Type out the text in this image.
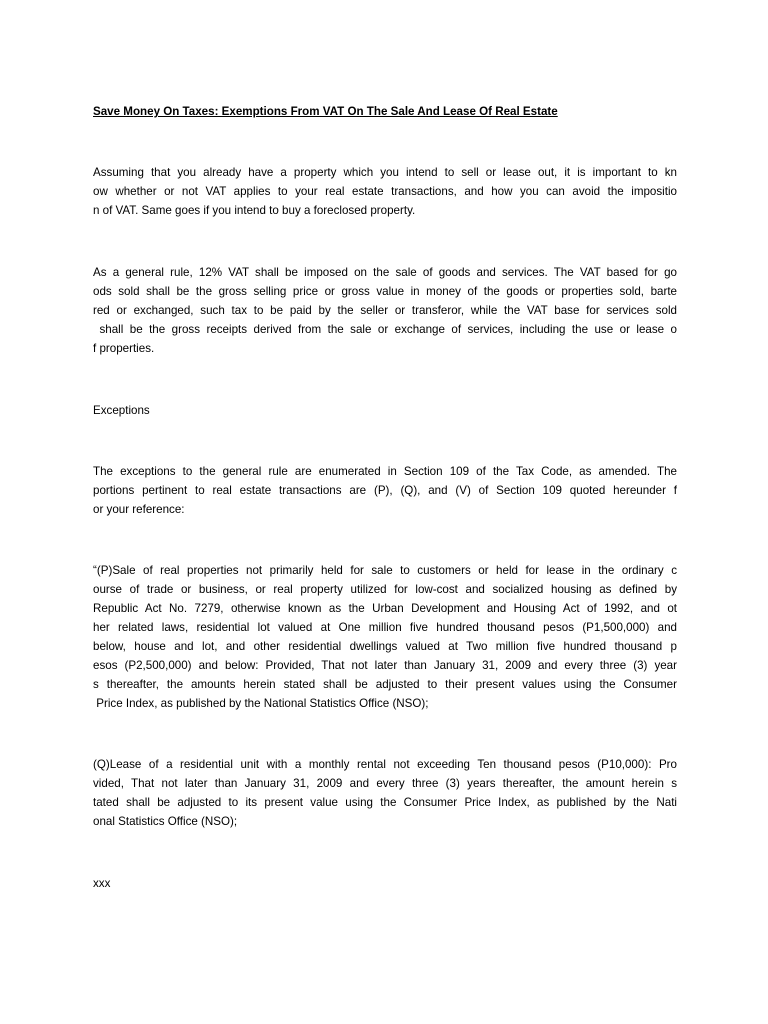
Save Money On Taxes: Exemptions From VAT On The Sale And Lease Of Real Estate
Assuming that you already have a property which you intend to sell or lease out, it is important to kn
ow whether or not VAT applies to your real estate transactions, and how you can avoid the impositio
n of VAT. Same goes if you intend to buy a foreclosed property.
As a general rule, 12% VAT shall be imposed on the sale of goods and services. The VAT based for go
ods sold shall be the gross selling price or gross value in money of the goods or properties sold, barte
red or exchanged, such tax to be paid by the seller or transferor, while the VAT base for services sold
shall be the gross receipts derived from the sale or exchange of services, including the use or lease o
f properties.
Exceptions
The exceptions to the general rule are enumerated in Section 109 of the Tax Code, as amended. The
portions pertinent to real estate transactions are (P), (Q), and (V) of Section 109 quoted hereunder f
or your reference:
“(P)Sale of real properties not primarily held for sale to customers or held for lease in the ordinary c
ourse of trade or business, or real property utilized for low-cost and socialized housing as defined by
Republic Act No. 7279, otherwise known as the Urban Development and Housing Act of 1992, and ot
her related laws, residential lot valued at One million five hundred thousand pesos (P1,500,000) and
below, house and lot, and other residential dwellings valued at Two million five hundred thousand p
esos (P2,500,000) and below: Provided, That not later than January 31, 2009 and every three (3) year
s thereafter, the amounts herein stated shall be adjusted to their present values using the Consumer
Price Index, as published by the National Statistics Office (NSO);
(Q)Lease of a residential unit with a monthly rental not exceeding Ten thousand pesos (P10,000): Pro
vided, That not later than January 31, 2009 and every three (3) years thereafter, the amount herein s
tated shall be adjusted to its present value using the Consumer Price Index, as published by the Nati
onal Statistics Office (NSO);
xxx
